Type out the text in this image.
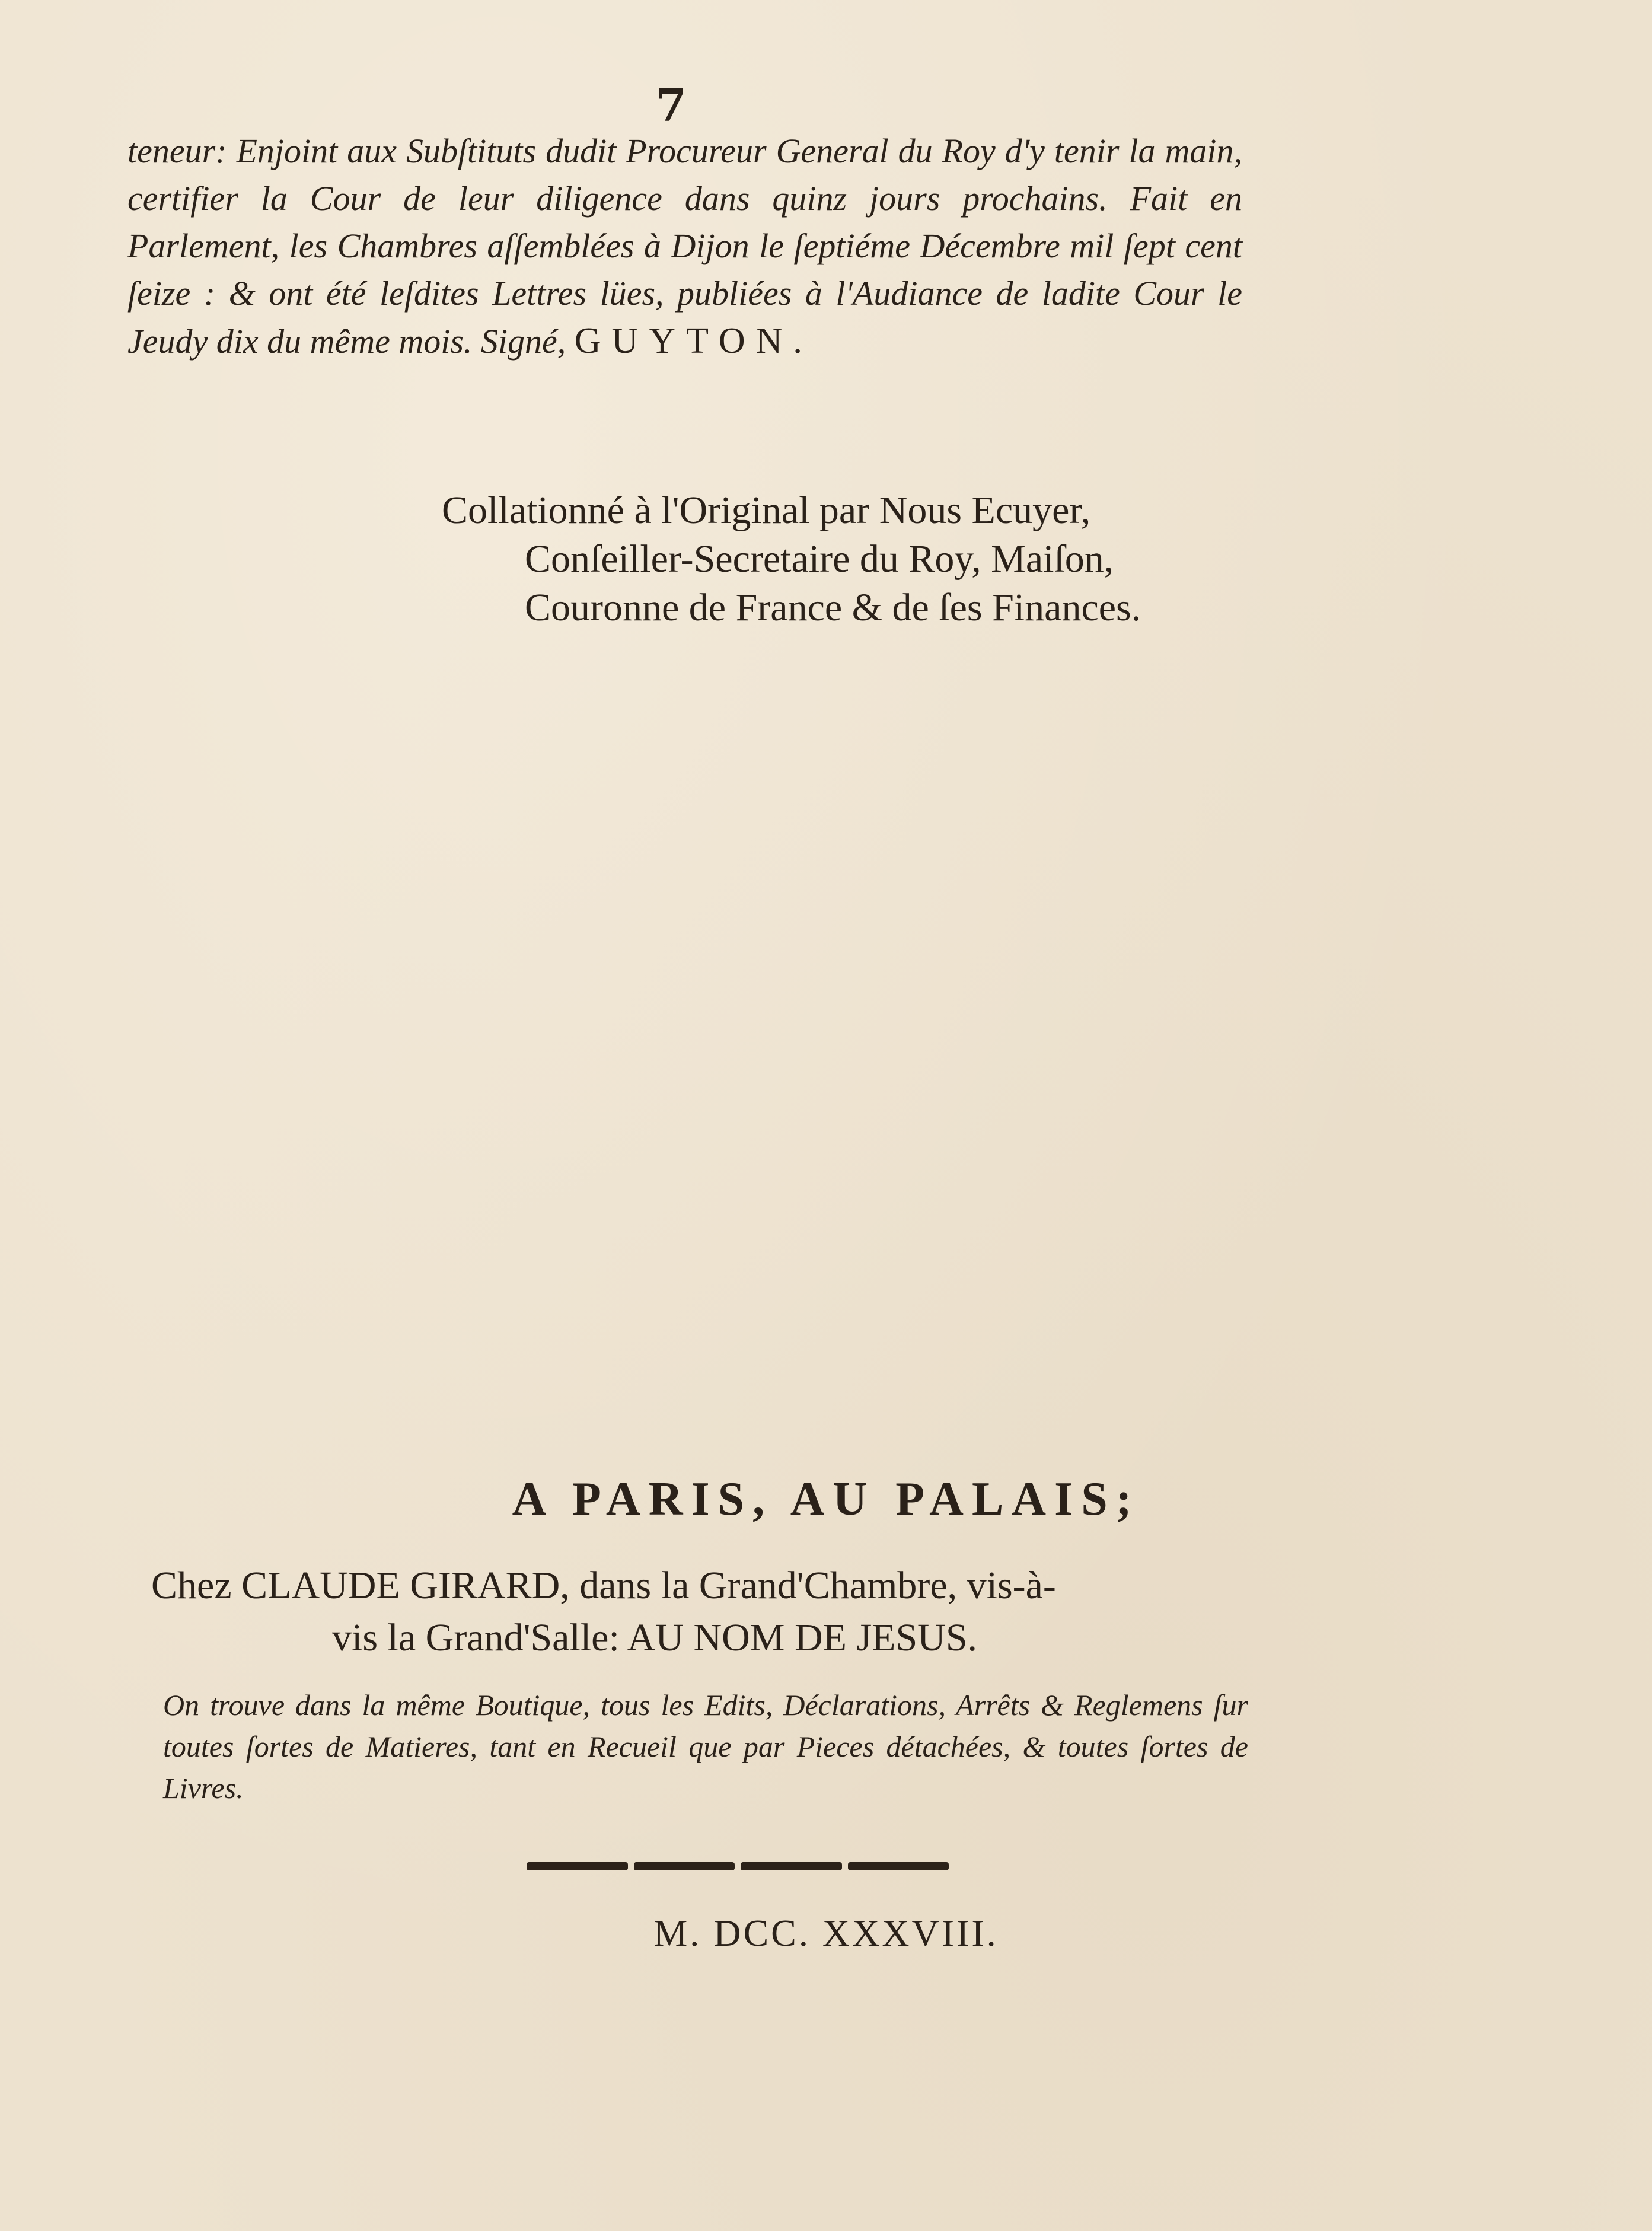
7

teneur: Enjoint aux Subſtituts dudit Procureur General du Roy d'y tenir la main, certifier la Cour de leur diligence dans quinz jours prochains. Fait en Parlement, les Chambres aſſemblées à Dijon le ſeptiéme Décembre mil ſept cent ſeize : & ont été leſdites Lettres lües, publiées à l'Audiance de ladite Cour le Jeudy dix du même mois. Signé, GUYTON.

Collationné à l'Original par Nous Ecuyer,
Conſeiller-Secretaire du Roy, Maiſon,
Couronne de France & de ſes Finances.
A PARIS, AU PALAIS;
Chez CLAUDE GIRARD, dans la Grand'Chambre, vis-à-
vis la Grand'Salle: AU NOM DE JESUS.

On trouve dans la même Boutique, tous les Edits, Déclarations, Arrêts & Reglemens ſur toutes ſortes de Matieres, tant en Recueil que par Pieces détachées, & toutes ſortes de Livres.

M. DCC. XXXVIII.
